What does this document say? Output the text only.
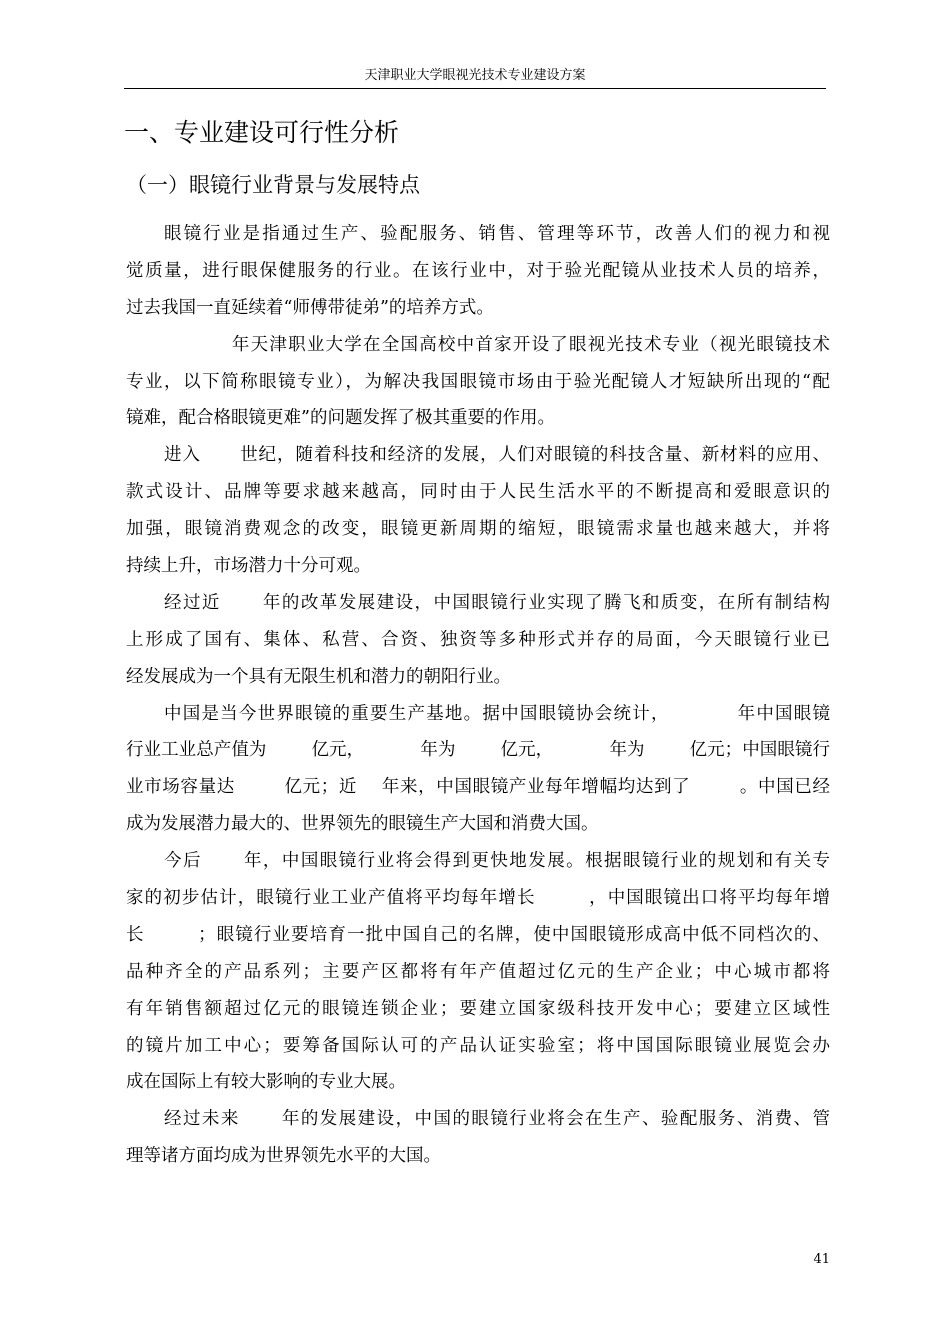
天津职业大学眼视光技术专业建设方案
一、专业建设可行性分析
（一）眼镜行业背景与发展特点
眼镜行业是指通过生产、验配服务、销售、管理等环节，改善人们的视力和视
觉质量，进行眼保健服务的行业。在该行业中，对于验光配镜从业技术人员的培养，
过去我国一直延续着“师傅带徒弟”的培养方式。
年天津职业大学在全国高校中首家开设了眼视光技术专业（视光眼镜技术
专业，以下简称眼镜专业），为解决我国眼镜市场由于验光配镜人才短缺所出现的“配
镜难，配合格眼镜更难”的问题发挥了极其重要的作用。
进入      世纪，随着科技和经济的发展，人们对眼镜的科技含量、新材料的应用、
款式设计、品牌等要求越来越高，同时由于人民生活水平的不断提高和爱眼意识的
加强，眼镜消费观念的改变，眼镜更新周期的缩短，眼镜需求量也越来越大，并将
持续上升，市场潜力十分可观。
经过近      年的改革发展建设，中国眼镜行业实现了腾飞和质变，在所有制结构
上形成了国有、集体、私营、合资、独资等多种形式并存的局面，今天眼镜行业已
经发展成为一个具有无限生机和潜力的朝阳行业。
中国是当今世界眼镜的重要生产基地。据中国眼镜协会统计，          年中国眼镜
行业工业总产值为        亿元，          年为        亿元，          年为        亿元；中国眼镜行
业市场容量达        亿元；近    年来，中国眼镜产业每年增幅均达到了        。中国已经
成为发展潜力最大的、世界领先的眼镜生产大国和消费大国。
今后      年，中国眼镜行业将会得到更快地发展。根据眼镜行业的规划和有关专
家的初步估计，眼镜行业工业产值将平均每年增长        ，中国眼镜出口将平均每年增
长        ；眼镜行业要培育一批中国自己的名牌，使中国眼镜形成高中低不同档次的、
品种齐全的产品系列；主要产区都将有年产值超过亿元的生产企业；中心城市都将
有年销售额超过亿元的眼镜连锁企业；要建立国家级科技开发中心；要建立区域性
的镜片加工中心；要筹备国际认可的产品认证实验室；将中国国际眼镜业展览会办
成在国际上有较大影响的专业大展。
经过未来      年的发展建设，中国的眼镜行业将会在生产、验配服务、消费、管
理等诸方面均成为世界领先水平的大国。
41
